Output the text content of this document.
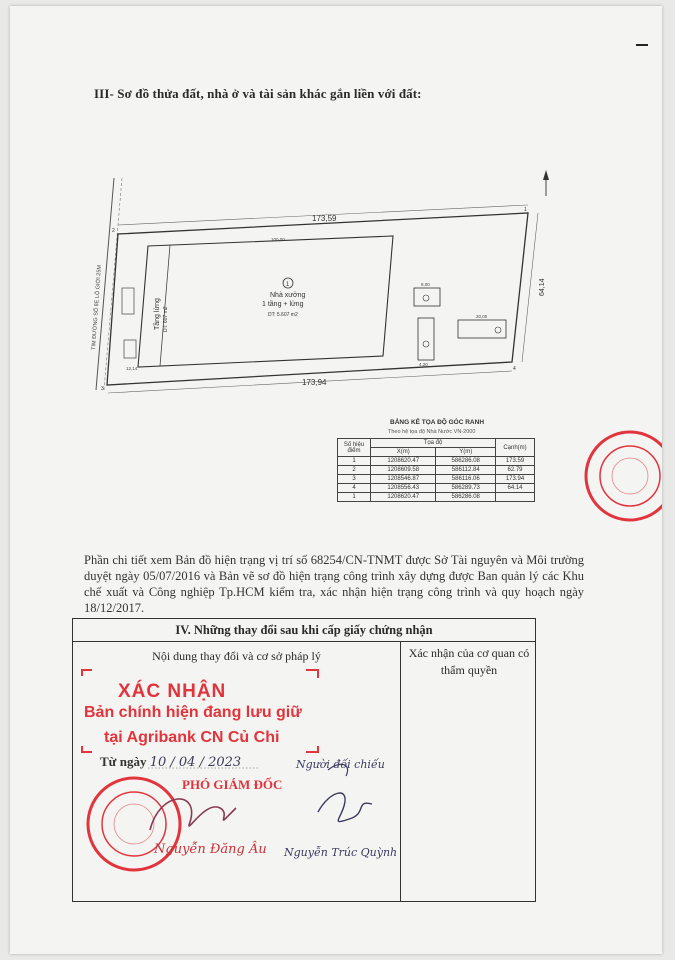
III- Sơ đồ thửa đất, nhà ở và tài sản khác gắn liền với đất:
173,59
173,94
64,14
TIM ĐƯỜNG SỐ 8E LỘ GIỚI 25M
100,00
1
Nhà xưởng
1 tầng + lửng
DT: 5.607 m2
Tầng lửng DT: 607 m2
8,00
20,00
12,14
4,20
2
1
4
3
BẢNG KÊ TỌA ĐỘ GÓC RANH
Theo hệ tọa độ Nhà Nước VN-2000
Số hiệu điểm	Tọa độ		Cạnh(m)
	X(m)	Y(m)	
1	1208620.47	586286.08	173.59
2	1208609.58	586112.84	62.79
3	1208546.87	586116.06	173.94
4	1208556.43	586289.73	64.14
1	1208620.47	586286.08	
Phần chi tiết xem Bản đồ hiện trạng vị trí số 68254/CN-TNMT được Sở Tài nguyên và Môi trường duyệt ngày 05/07/2016 và Bản vẽ sơ đồ hiện trạng công trình xây dựng được Ban quản lý các Khu chế xuất và Công nghiệp Tp.HCM kiểm tra, xác nhận hiện trạng công trình và quy hoạch ngày 18/12/2017.
IV. Những thay đổi sau khi cấp giấy chứng nhận
Nội dung thay đổi và cơ sở pháp lý	Xác nhận của cơ quan có thẩm quyền
XÁC NHẬN
Bản chính hiện đang lưu giữ
tại Agribank CN Củ Chi
Từ ngày 10 / 04 / 2023	Người đối chiếu
PHÓ GIÁM ĐỐC
Nguyễn Đăng Âu Nguyễn Trúc Quỳnh
